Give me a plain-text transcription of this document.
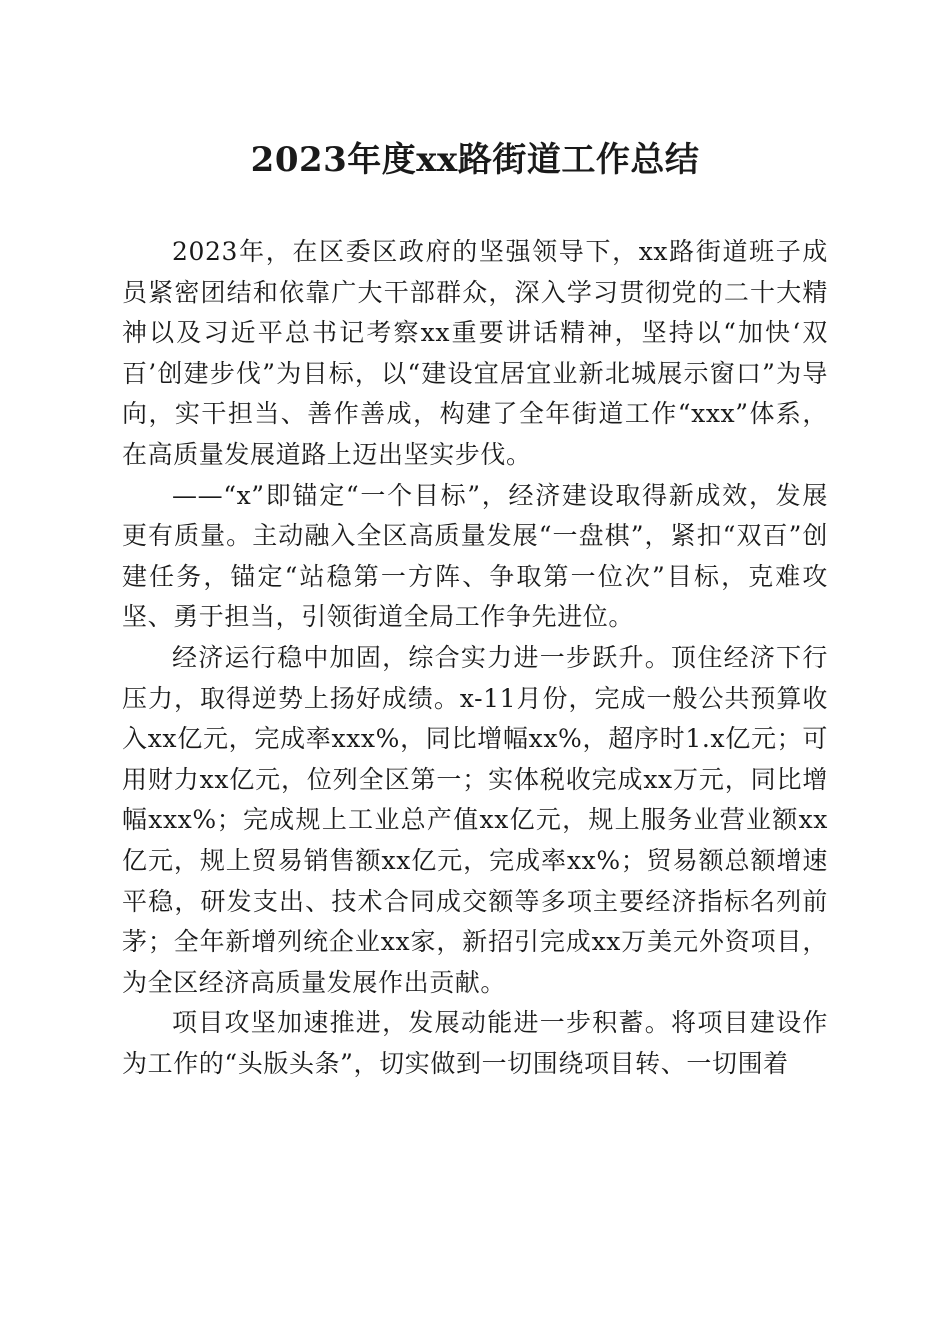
2023年度xx路街道工作总结

2023年，在区委区政府的坚强领导下，xx路街道班子成员紧密团结和依靠广大干部群众，深入学习贯彻党的二十大精神以及习近平总书记考察xx重要讲话精神，坚持以“加快‘双百’创建步伐”为目标，以“建设宜居宜业新北城展示窗口”为导向，实干担当、善作善成，构建了全年街道工作“xxx”体系，在高质量发展道路上迈出坚实步伐。

——“x”即锚定“一个目标”，经济建设取得新成效，发展更有质量。主动融入全区高质量发展“一盘棋”，紧扣“双百”创建任务，锚定“站稳第一方阵、争取第一位次”目标，克难攻坚、勇于担当，引领街道全局工作争先进位。

经济运行稳中加固，综合实力进一步跃升。顶住经济下行压力，取得逆势上扬好成绩。x-11月份，完成一般公共预算收入xx亿元，完成率xxx%，同比增幅xx%，超序时1.x亿元；可用财力xx亿元，位列全区第一；实体税收完成xx万元，同比增幅xxx%；完成规上工业总产值xx亿元，规上服务业营业额xx亿元，规上贸易销售额xx亿元，完成率xx%；贸易额总额增速平稳，研发支出、技术合同成交额等多项主要经济指标名列前茅；全年新增列统企业xx家，新招引完成xx万美元外资项目，为全区经济高质量发展作出贡献。

项目攻坚加速推进，发展动能进一步积蓄。将项目建设作为工作的“头版头条”，切实做到一切围绕项目转、一切围着
